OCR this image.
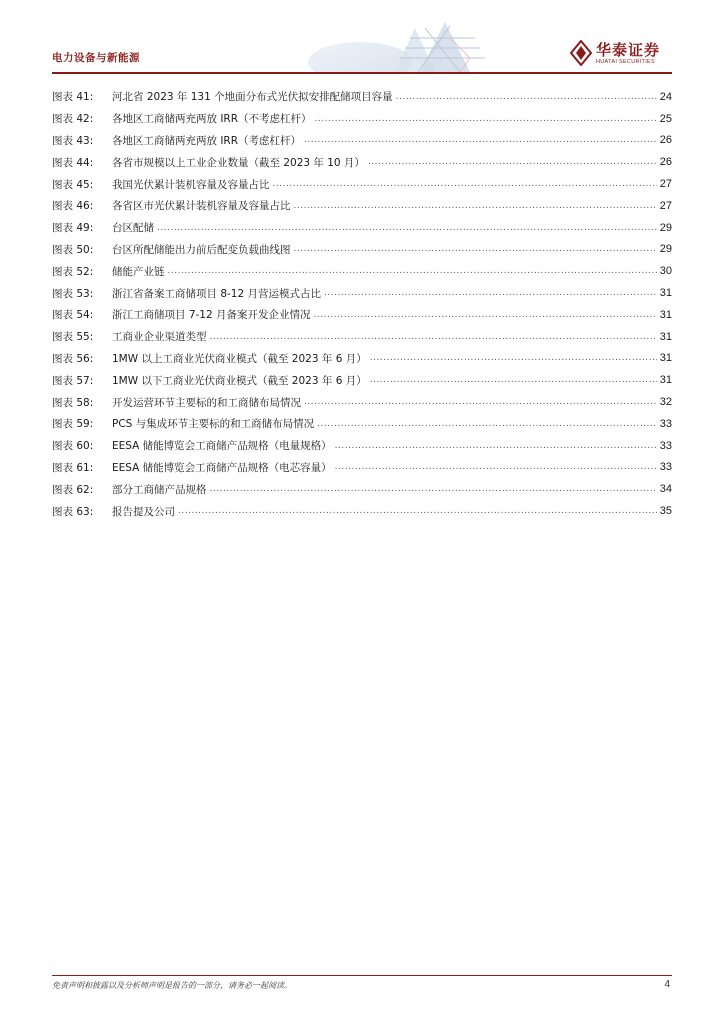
电力设备与新能源	华泰证券
HUATAI SECURITIES
图表 41:	河北省 2023 年 131 个地面分布式光伏拟安排配储项目容量 .....	24
图表 42:	各地区工商储两充两放 IRR（不考虑杠杆） .....	25
图表 43:	各地区工商储两充两放 IRR（考虑杠杆） .....	26
图表 44:	各省市规模以上工业企业数量（截至 2023 年 10 月） .....	26
图表 45:	我国光伏累计装机容量及容量占比 .....	27
图表 46:	各省区市光伏累计装机容量及容量占比 .....	27
图表 49:	台区配储 .....	29
图表 50:	台区所配储能出力前后配变负载曲线图 .....	29
图表 52:	储能产业链 .....	30
图表 53:	浙江省备案工商储项目 8-12 月营运模式占比 .....	31
图表 54:	浙江工商储项目 7-12 月备案开发企业情况 .....	31
图表 55:	工商业企业渠道类型 .....	31
图表 56:	1MW 以上工商业光伏商业模式（截至 2023 年 6 月） .....	31
图表 57:	1MW 以下工商业光伏商业模式（截至 2023 年 6 月） .....	31
图表 58:	开发运营环节主要标的和工商储布局情况 .....	32
图表 59:	PCS 与集成环节主要标的和工商储布局情况 .....	33
图表 60:	EESA 储能博览会工商储产品规格（电量规格） .....	33
图表 61:	EESA 储能博览会工商储产品规格（电芯容量） .....	33
图表 62:	部分工商储产品规格 .....	34
图表 63:	报告提及公司 .....	35
免责声明和披露以及分析师声明是报告的一部分，请务必一起阅读。	4
